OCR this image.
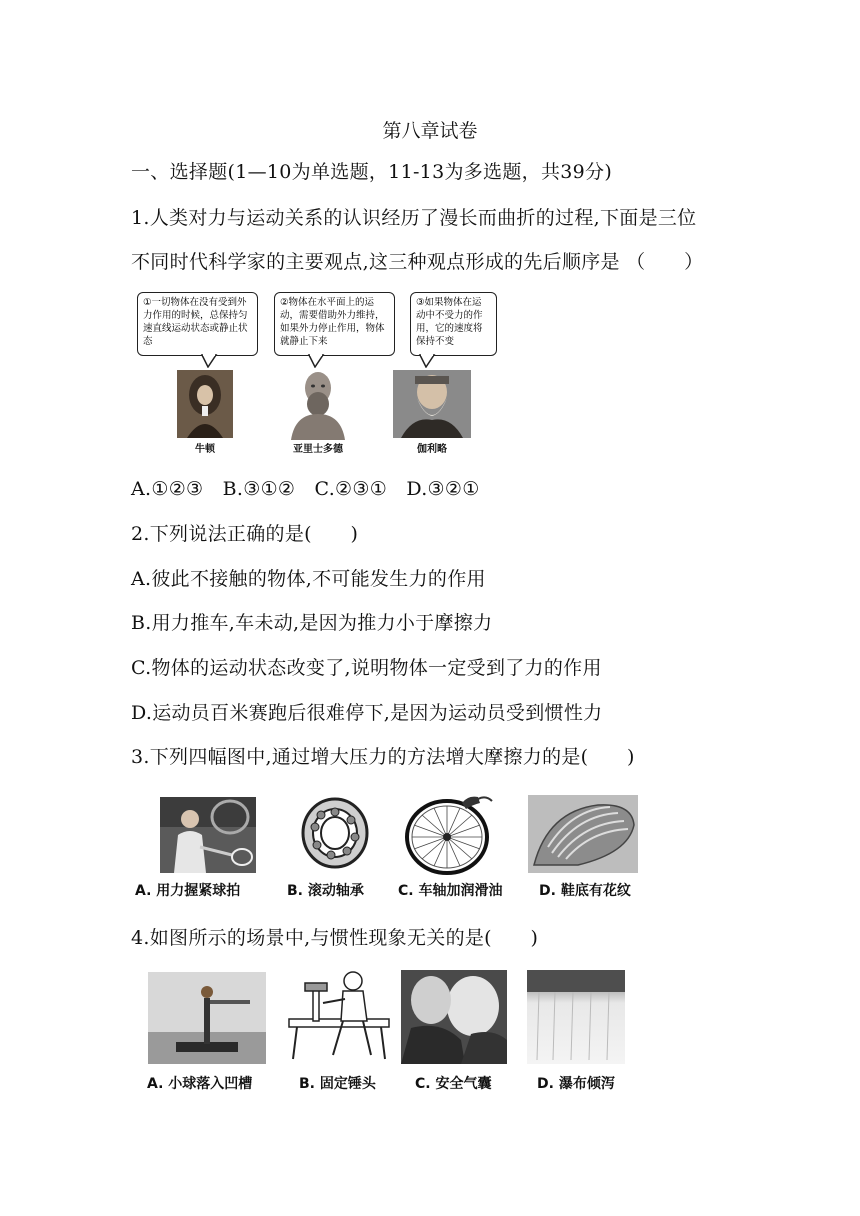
第八章试卷
一、选择题(1—10为单选题，11-13为多选题，共39分)
1.人类对力与运动关系的认识经历了漫长而曲折的过程,下面是三位
不同时代科学家的主要观点,这三种观点形成的先后顺序是 （　　）
①一切物体在没有受到外力作用的时候，总保持匀速直线运动状态或静止状态
②物体在水平面上的运动，需要借助外力维持，如果外力停止作用，物体就静止下来
③如果物体在运动中不受力的作用，它的速度将保持不变
牛顿	亚里士多德	伽利略
A.①②③　B.③①②　C.②③①　D.③②①
2.下列说法正确的是(　　)
A.彼此不接触的物体,不可能发生力的作用
B.用力推车,车未动,是因为推力小于摩擦力
C.物体的运动状态改变了,说明物体一定受到了力的作用
D.运动员百米赛跑后很难停下,是因为运动员受到惯性力
3.下列四幅图中,通过增大压力的方法增大摩擦力的是(　　)
A. 用力握紧球拍	B. 滚动轴承 C. 车轴加润滑油	D. 鞋底有花纹
4.如图所示的场景中,与惯性现象无关的是(　　)
A. 小球落入凹槽	B. 固定锤头	C. 安全气囊	D. 瀑布倾泻
